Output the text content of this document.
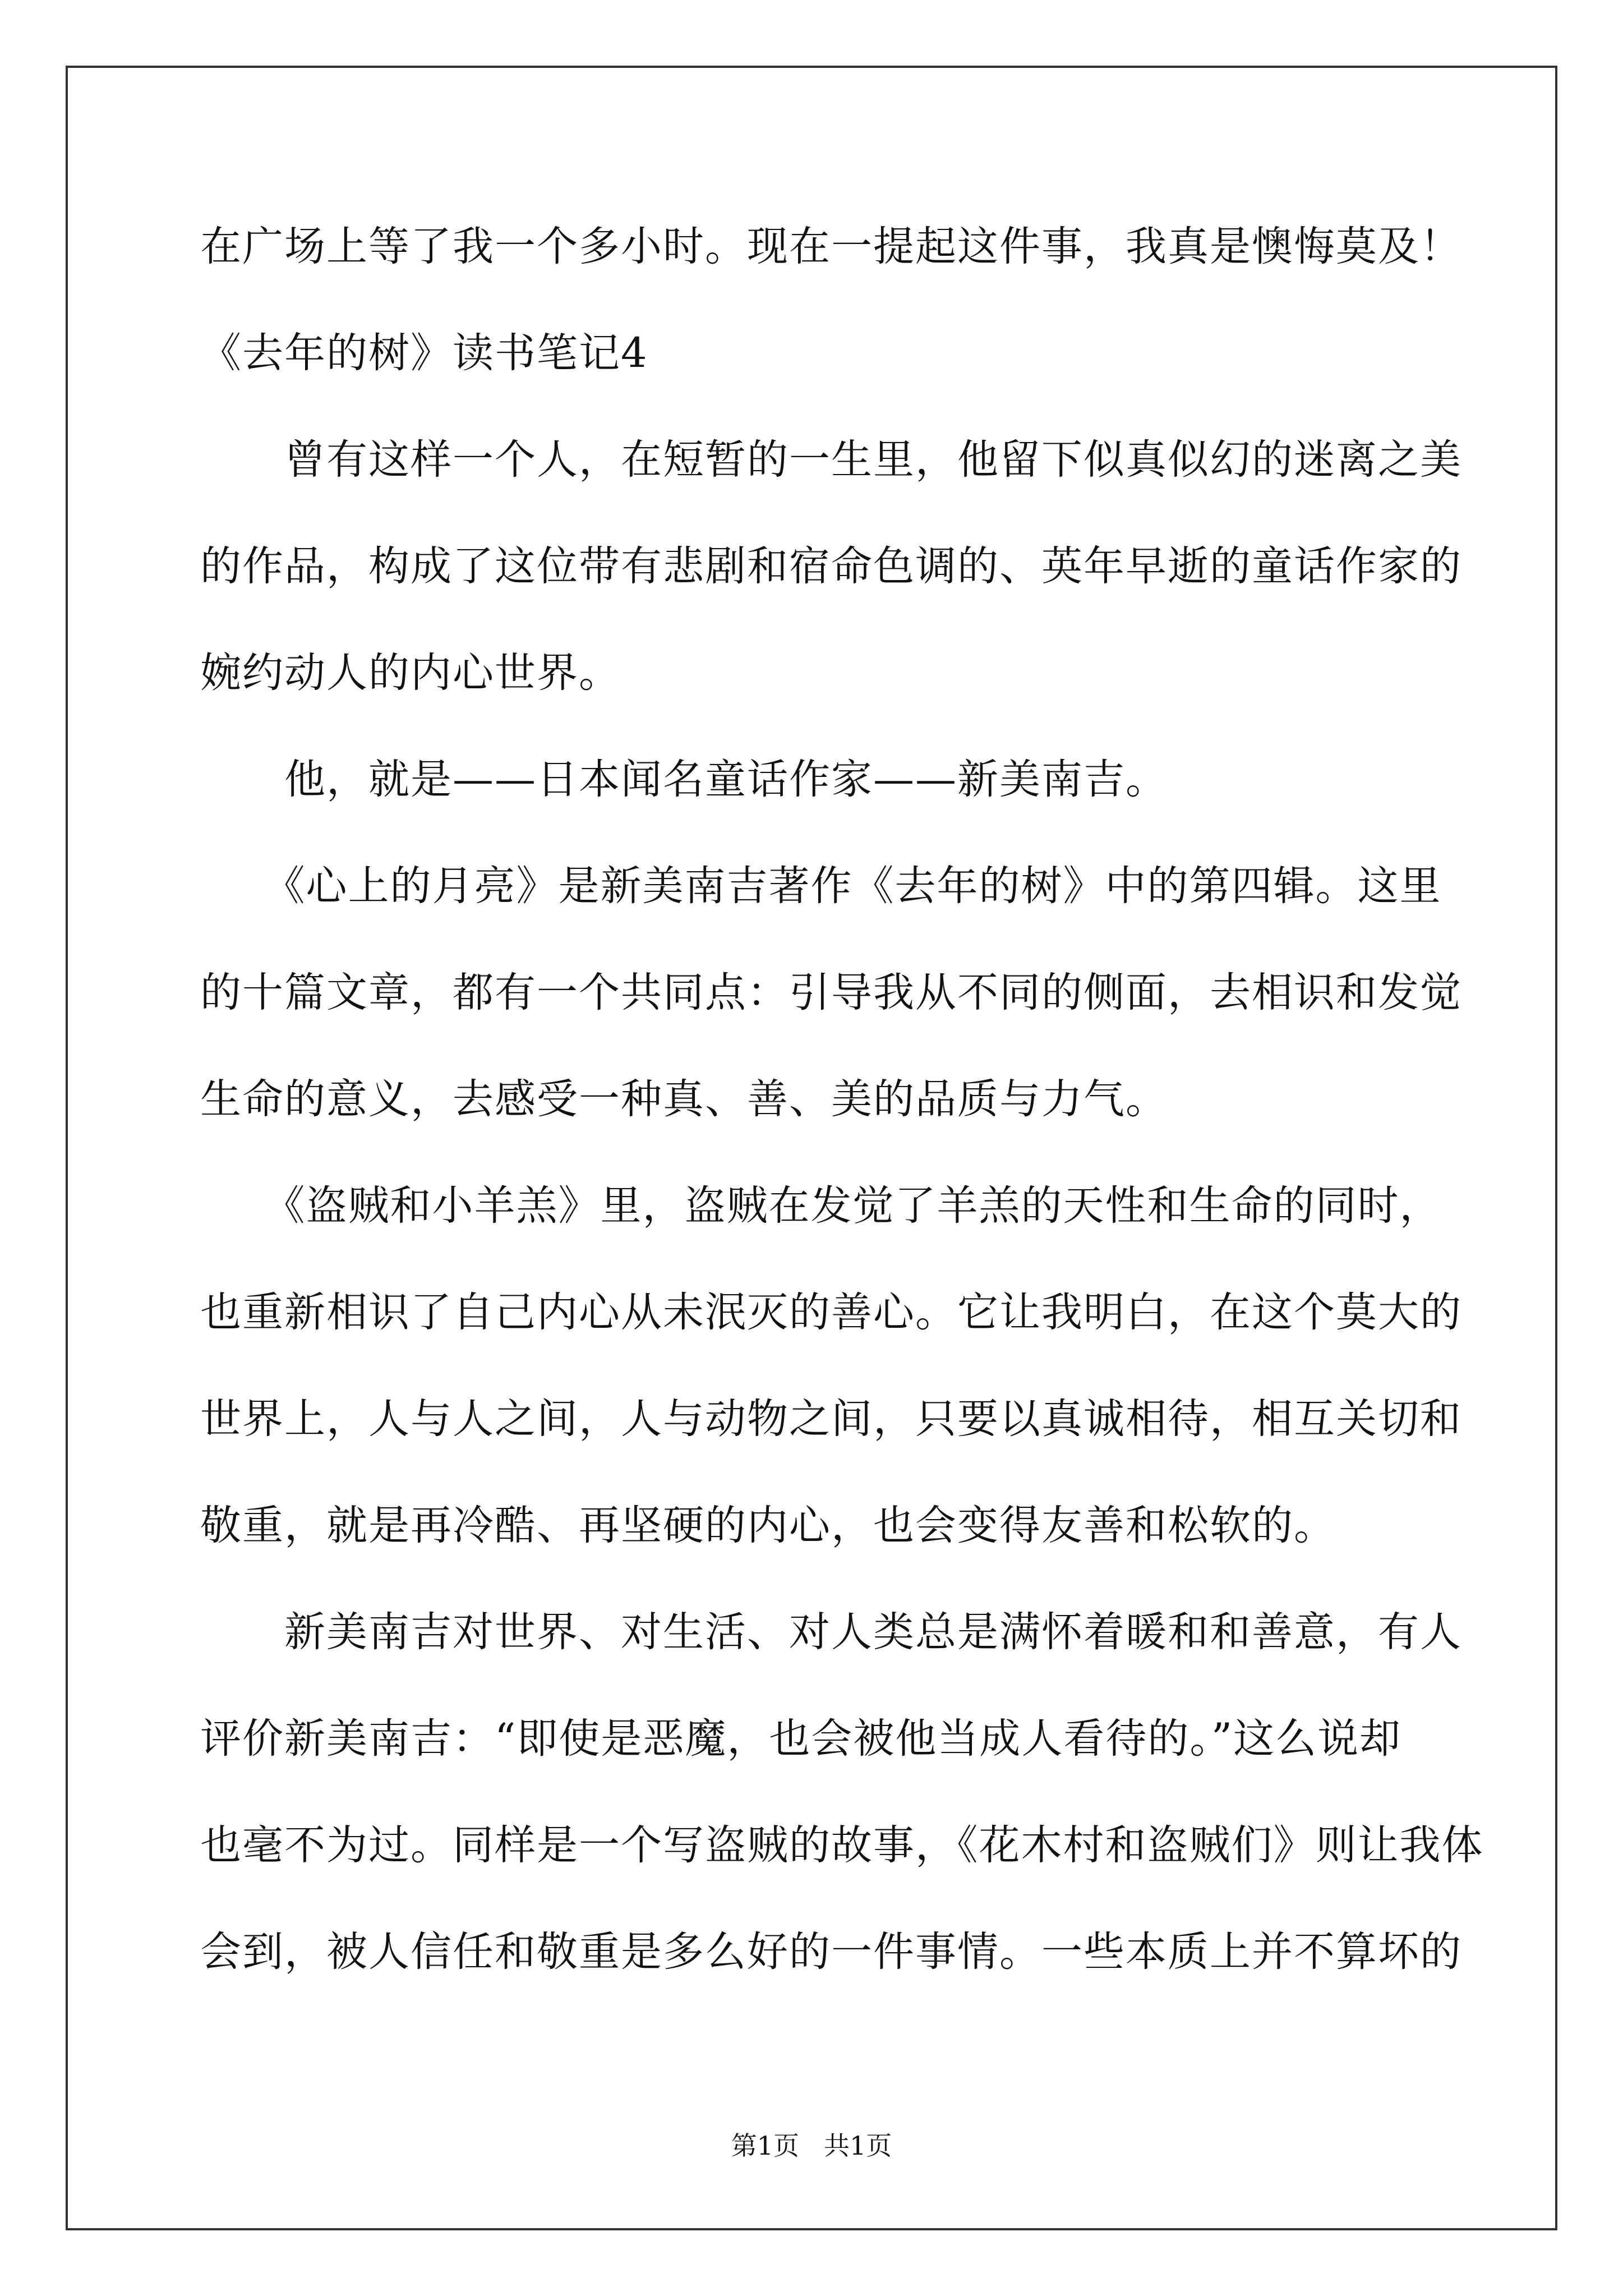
在广场上等了我一个多小时。现在一提起这件事，我真是懊悔莫及！
《去年的树》读书笔记4
　　曾有这样一个人，在短暂的一生里，他留下似真似幻的迷离之美
的作品，构成了这位带有悲剧和宿命色调的、英年早逝的童话作家的
婉约动人的内心世界。
　　他，就是——日本闻名童话作家——新美南吉。
　　《心上的月亮》是新美南吉著作《去年的树》中的第四辑。这里
的十篇文章，都有一个共同点：引导我从不同的侧面，去相识和发觉
生命的意义，去感受一种真、善、美的品质与力气。
　　《盗贼和小羊羔》里，盗贼在发觉了羊羔的天性和生命的同时，
也重新相识了自己内心从未泯灭的善心。它让我明白，在这个莫大的
世界上，人与人之间，人与动物之间，只要以真诚相待，相互关切和
敬重，就是再冷酷、再坚硬的内心，也会变得友善和松软的。
　　新美南吉对世界、对生活、对人类总是满怀着暖和和善意，有人
评价新美南吉：“即使是恶魔，也会被他当成人看待的。”这么说却
也毫不为过。同样是一个写盗贼的故事，《花木村和盗贼们》则让我体
会到，被人信任和敬重是多么好的一件事情。一些本质上并不算坏的
第1页 共1页
